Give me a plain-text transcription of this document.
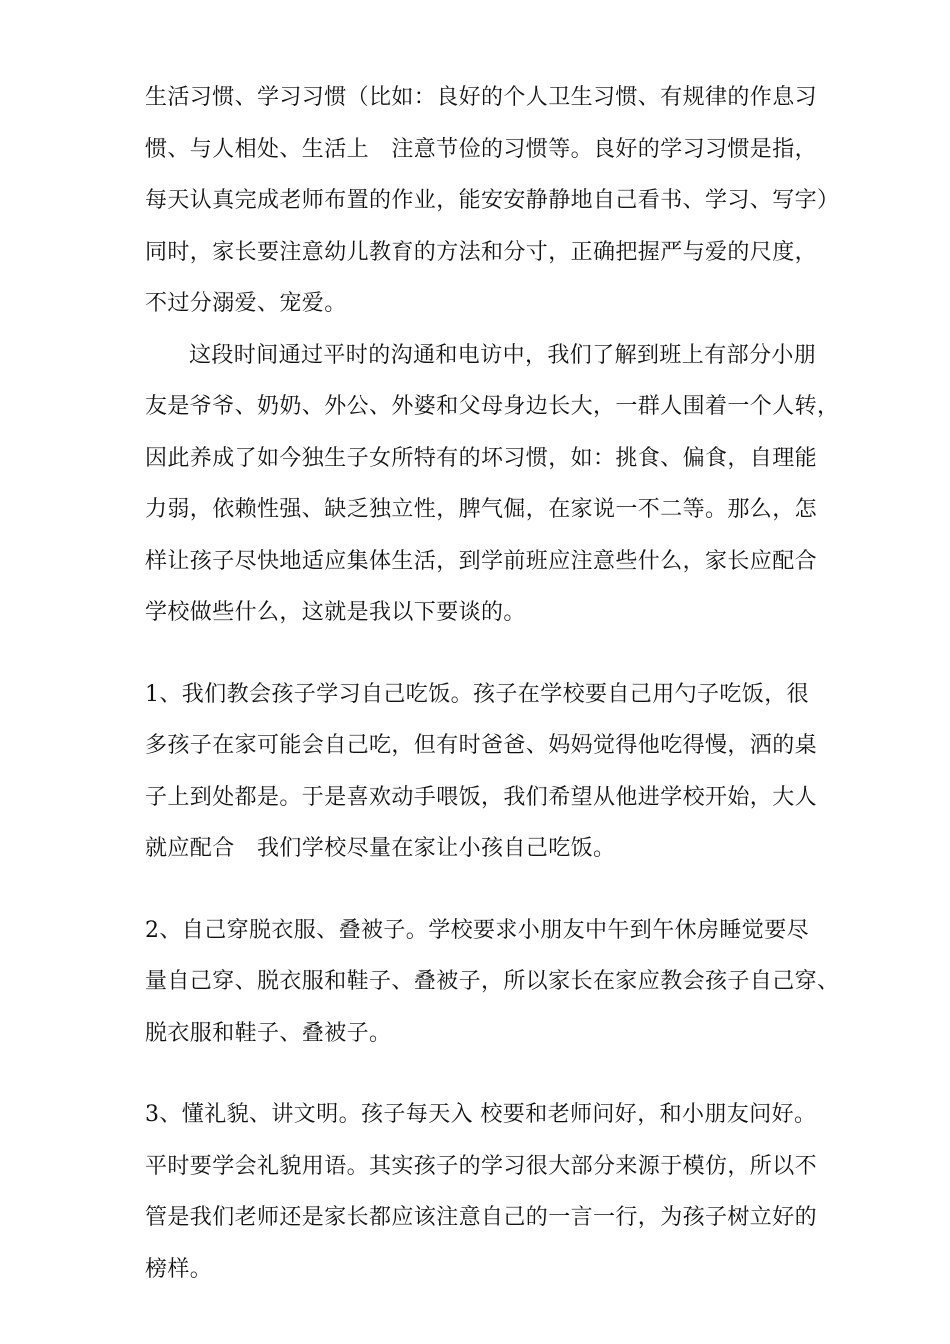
生活习惯、学习习惯（比如：良好的个人卫生习惯、有规律的作息习
惯、与人相处、生活上　注意节俭的习惯等。良好的学习习惯是指，
每天认真完成老师布置的作业，能安安静静地自己看书、学习、写字）
同时，家长要注意幼儿教育的方法和分寸，正确把握严与爱的尺度，
不过分溺爱、宠爱。
这段时间通过平时的沟通和电访中，我们了解到班上有部分小朋
友是爷爷、奶奶、外公、外婆和父母身边长大，一群人围着一个人转，
因此养成了如今独生子女所特有的坏习惯，如：挑食、偏食，自理能
力弱，依赖性强、缺乏独立性，脾气倔，在家说一不二等。那么，怎
样让孩子尽快地适应集体生活，到学前班应注意些什么，家长应配合
学校做些什么，这就是我以下要谈的。
1、我们教会孩子学习自己吃饭。孩子在学校要自己用勺子吃饭，很
多孩子在家可能会自己吃，但有时爸爸、妈妈觉得他吃得慢，洒的桌
子上到处都是。于是喜欢动手喂饭，我们希望从他进学校开始，大人
就应配合　我们学校尽量在家让小孩自己吃饭。
2、自己穿脱衣服、叠被子。学校要求小朋友中午到午休房睡觉要尽
量自己穿、脱衣服和鞋子、叠被子，所以家长在家应教会孩子自己穿、
脱衣服和鞋子、叠被子。
3、懂礼貌、讲文明。孩子每天入 校要和老师问好，和小朋友问好。
平时要学会礼貌用语。其实孩子的学习很大部分来源于模仿，所以不
管是我们老师还是家长都应该注意自己的一言一行，为孩子树立好的
榜样。
